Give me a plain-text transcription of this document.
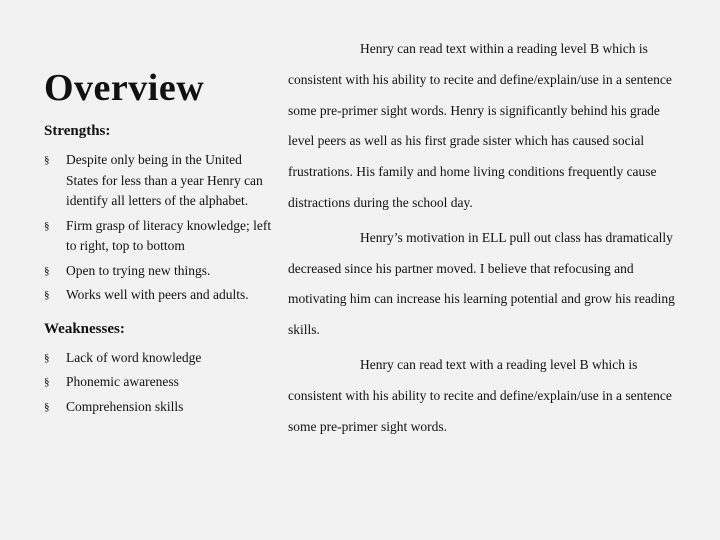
Overview
Strengths:
§ Despite only being in the United States for less than a year Henry can identify all letters of the alphabet.
§ Firm grasp of literacy knowledge; left to right, top to bottom
§ Open to trying new things.
§ Works well with peers and adults.
Weaknesses:
§ Lack of word knowledge
§ Phonemic awareness
§ Comprehension skills

Henry can read text within a reading level B which is consistent with his ability to recite and define/explain/use in a sentence some pre-primer sight words. Henry is significantly behind his grade level peers as well as his first grade sister which has caused social frustrations. His family and home living conditions frequently cause distractions during the school day.

Henry’s motivation in ELL pull out class has dramatically decreased since his partner moved. I believe that refocusing and motivating him can increase his learning potential and grow his reading skills.

Henry can read text with a reading level B which is consistent with his ability to recite and define/explain/use in a sentence some pre-primer sight words.
